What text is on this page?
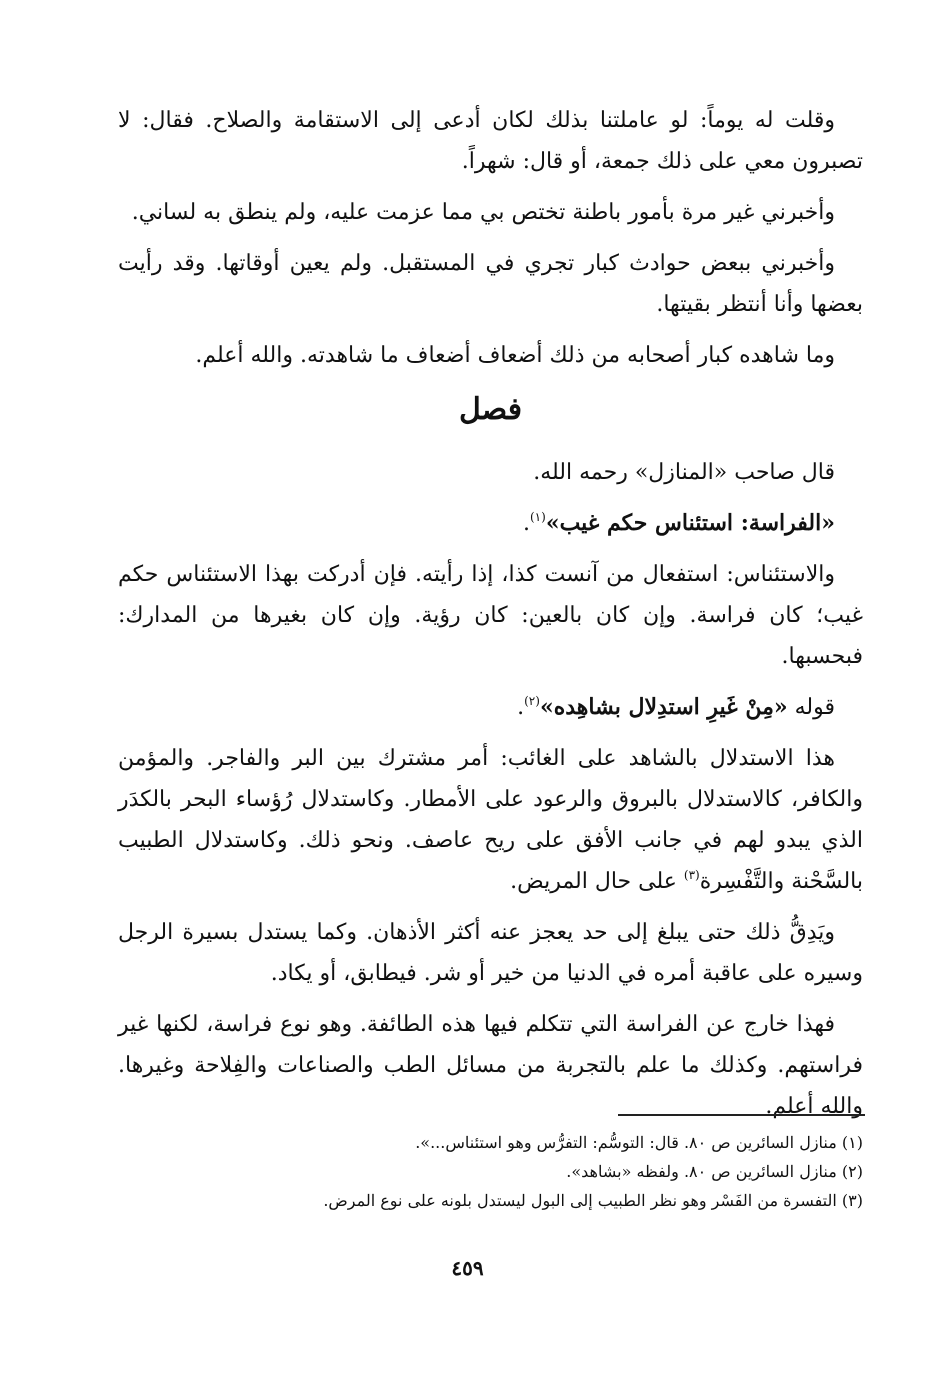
وقلت له يوماً: لو عاملتنا بذلك لكان أدعى إلى الاستقامة والصلاح. فقال: لا تصبرون معي على ذلك جمعة، أو قال: شهراً.

وأخبرني غير مرة بأمور باطنة تختص بي مما عزمت عليه، ولم ينطق به لساني.

وأخبرني ببعض حوادث كبار تجري في المستقبل. ولم يعين أوقاتها. وقد رأيت بعضها وأنا أنتظر بقيتها.

وما شاهده كبار أصحابه من ذلك أضعاف أضعاف ما شاهدته. والله أعلم.

فصل

قال صاحب «المنازل» رحمه الله.

«الفراسة: استئناس حكم غيب»$^{(١)}$.

والاستئناس: استفعال من آنست كذا، إذا رأيته. فإن أدركت بهذا الاستئناس حكم غيب؛ كان فراسة. وإن كان بالعين: كان رؤية. وإن كان بغيرها من المدارك: فبحسبها.

قوله «مِنْ غَيرِ استدِلال بشاهِده»$^{(٢)}$.

هذا الاستدلال بالشاهد على الغائب: أمر مشترك بين البر والفاجر. والمؤمن والكافر، كالاستدلال بالبروق والرعود على الأمطار. وكاستدلال رُؤساء البحر بالكدَر الذي يبدو لهم في جانب الأفق على ريح عاصف. ونحو ذلك. وكاستدلال الطبيب بالسَّحْنة والتَّفْسِرة$^{(٣)}$ على حال المريض.

ويَدِقُّ ذلك حتى يبلغ إلى حد يعجز عنه أكثر الأذهان. وكما يستدل بسيرة الرجل وسيره على عاقبة أمره في الدنيا من خير أو شر. فيطابق، أو يكاد.

فهذا خارج عن الفراسة التي تتكلم فيها هذه الطائفة. وهو نوع فراسة، لكنها غير فراستهم. وكذلك ما علم بالتجربة من مسائل الطب والصناعات والفِلاحة وغيرها. والله أعلم.

(١) منازل السائرين ص ٨٠. قال: التوسُّم: التفرُّس وهو استئناس...».

(٢) منازل السائرين ص ٨٠. ولفظه «بشاهد».

(٣) التفسرة من الفَسْر وهو نظر الطبيب إلى البول ليستدل بلونه على نوع المرض.

٤٥٩
